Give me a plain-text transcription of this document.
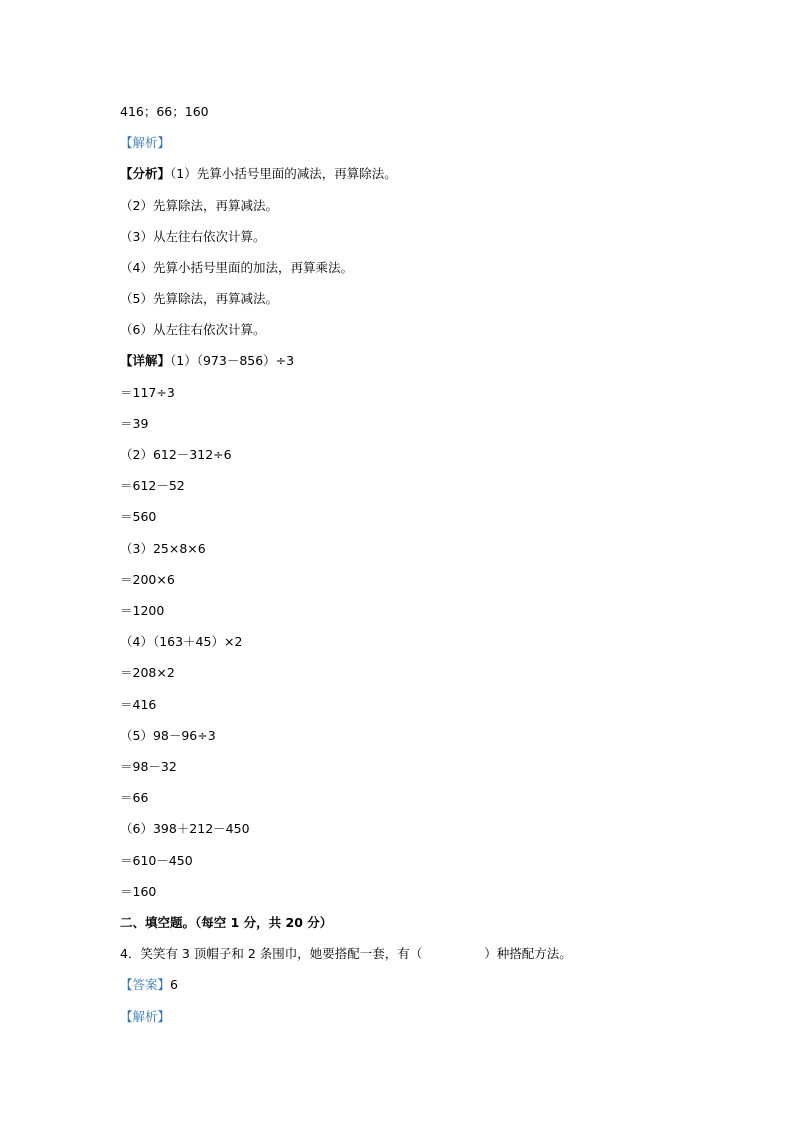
416；66；160
【解析】
【分析】（1）先算小括号里面的减法，再算除法。
（2）先算除法，再算减法。
（3）从左往右依次计算。
（4）先算小括号里面的加法，再算乘法。
（5）先算除法，再算减法。
（6）从左往右依次计算。
【详解】（1）（973－856）÷3
＝117÷3
＝39
（2）612－312÷6
＝612－52
＝560
（3）25×8×6
＝200×6
＝1200
（4）（163＋45）×2
＝208×2
＝416
（5）98－96÷3
＝98－32
＝66
（6）398＋212－450
＝610－450
＝160
二、填空题。（每空 1 分，共 20 分）
4．笑笑有 3 顶帽子和 2 条围巾，她要搭配一套，有（	）种搭配方法。
【答案】6
【解析】
